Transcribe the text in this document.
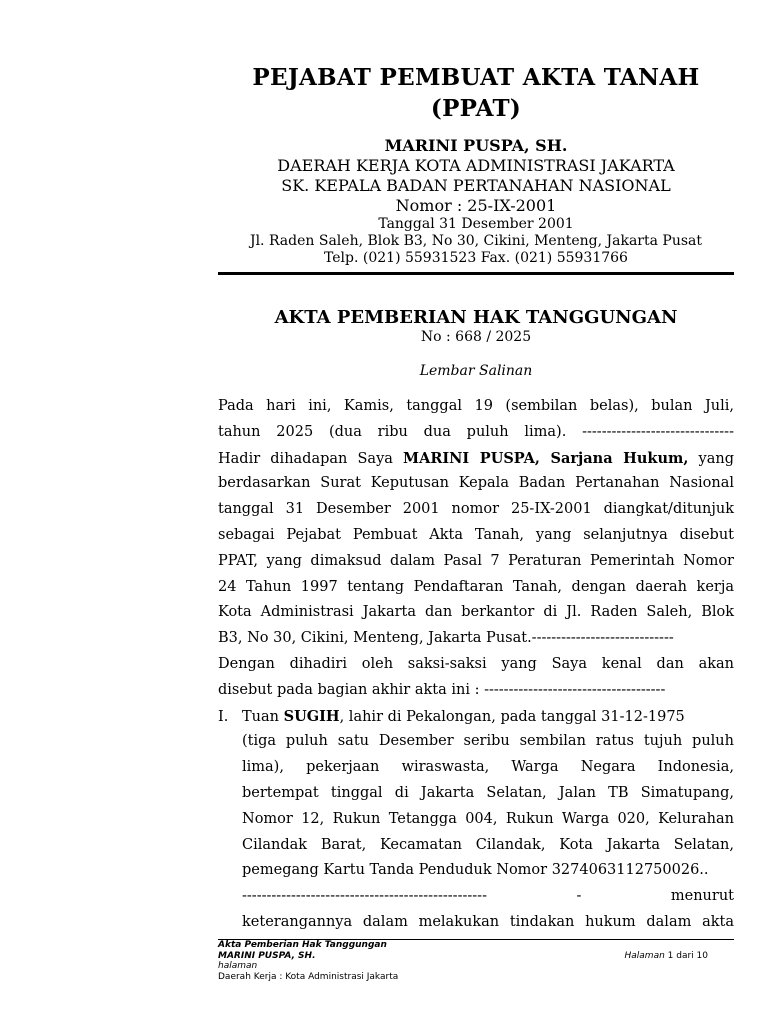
PEJABAT PEMBUAT AKTA TANAH
(PPAT)
MARINI PUSPA, SH.
DAERAH KERJA KOTA ADMINISTRASI JAKARTA
SK. KEPALA BADAN PERTANAHAN NASIONAL
Nomor : 25-IX-2001
Tanggal 31 Desember 2001
Jl. Raden Saleh, Blok B3, No 30, Cikini, Menteng, Jakarta Pusat
Telp. (021) 55931523 Fax. (021) 55931766
AKTA PEMBERIAN HAK TANGGUNGAN
No : 668 / 2025
Lembar Salinan
Pada hari ini, Kamis, tanggal 19 (sembilan belas), bulan Juli,
tahun 2025 (dua ribu dua puluh lima). -------------------------------
Hadir dihadapan Saya MARINI PUSPA, Sarjana Hukum, yang
berdasarkan Surat Keputusan Kepala Badan Pertanahan Nasional
tanggal 31 Desember 2001 nomor 25-IX-2001 diangkat/ditunjuk
sebagai Pejabat Pembuat Akta Tanah, yang selanjutnya disebut
PPAT, yang dimaksud dalam Pasal 7 Peraturan Pemerintah Nomor
24 Tahun 1997 tentang Pendaftaran Tanah, dengan daerah kerja
Kota Administrasi Jakarta dan berkantor di Jl. Raden Saleh, Blok
B3, No 30, Cikini, Menteng, Jakarta Pusat.-----------------------------
Dengan dihadiri oleh saksi-saksi yang Saya kenal dan akan
disebut pada bagian akhir akta ini : -------------------------------------
I. Tuan SUGIH, lahir di Pekalongan, pada tanggal 31-12-1975
(tiga puluh satu Desember seribu sembilan ratus tujuh puluh
lima), pekerjaan wiraswasta, Warga Negara Indonesia,
bertempat tinggal di Jakarta Selatan, Jalan TB Simatupang,
Nomor 12, Rukun Tetangga 004, Rukun Warga 020, Kelurahan
Cilandak Barat, Kecamatan Cilandak, Kota Jakarta Selatan,
pemegang Kartu Tanda Penduduk Nomor 3274063112750026..
--------------------------------------------------	-	menurut
keterangannya dalam melakukan tindakan hukum dalam akta
Akta Pemberian Hak Tanggungan
MARINI PUSPA, SH.	Halaman 1 dari 10
halaman
Daerah Kerja : Kota Administrasi Jakarta
